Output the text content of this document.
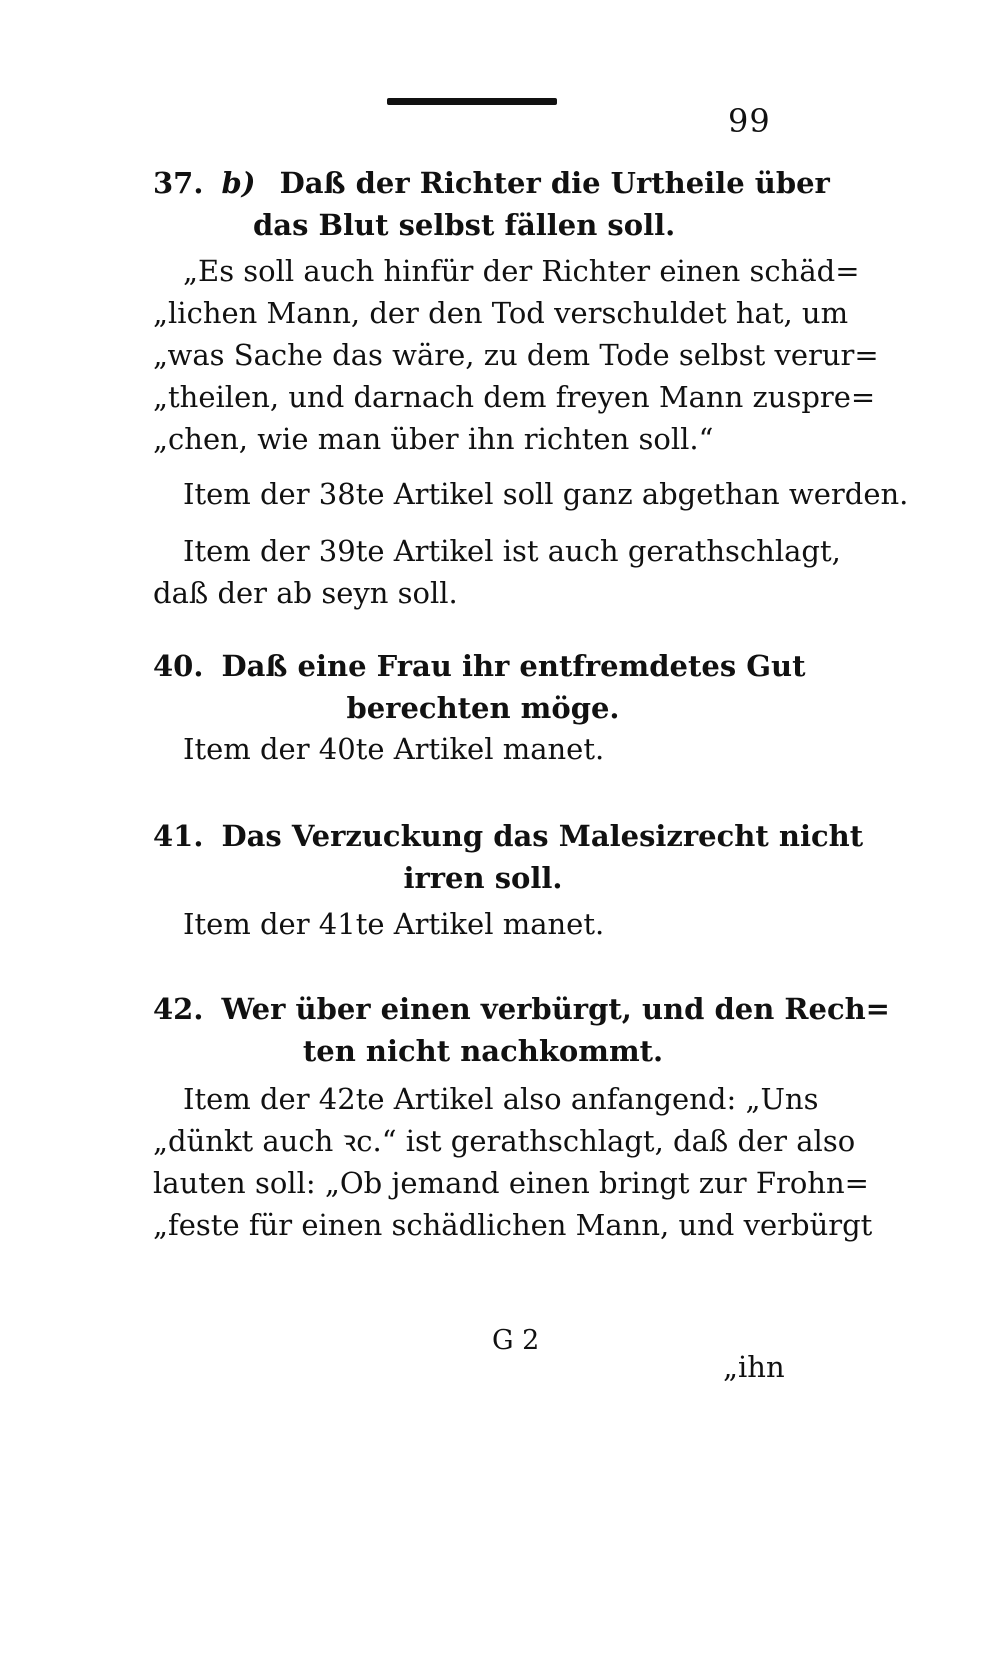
99
37. b) Daß der Richter die Urtheile über
das Blut selbst fällen soll.
„Es soll auch hinfür der Richter einen schäd=
„lichen Mann, der den Tod verschuldet hat, um
„was Sache das wäre, zu dem Tode selbst verur=
„theilen, und darnach dem freyen Mann zuspre=
„chen, wie man über ihn richten soll.“
Item der 38te Artikel soll ganz abgethan werden.
Item der 39te Artikel ist auch gerathschlagt,
daß der ab seyn soll.
40. Daß eine Frau ihr entfremdetes Gut
berechten möge.
Item der 40te Artikel manet.
41. Das Verzuckung das Malesizrecht nicht
irren soll.
Item der 41te Artikel manet.
42. Wer über einen verbürgt, und den Rech=
ten nicht nachkommt.
Item der 42te Artikel also anfangend: „Uns
„dünkt auch ꝛc.“ ist gerathschlagt, daß der also
lauten soll: „Ob jemand einen bringt zur Frohn=
„feste für einen schädlichen Mann, und verbürgt
G 2
„ihn
